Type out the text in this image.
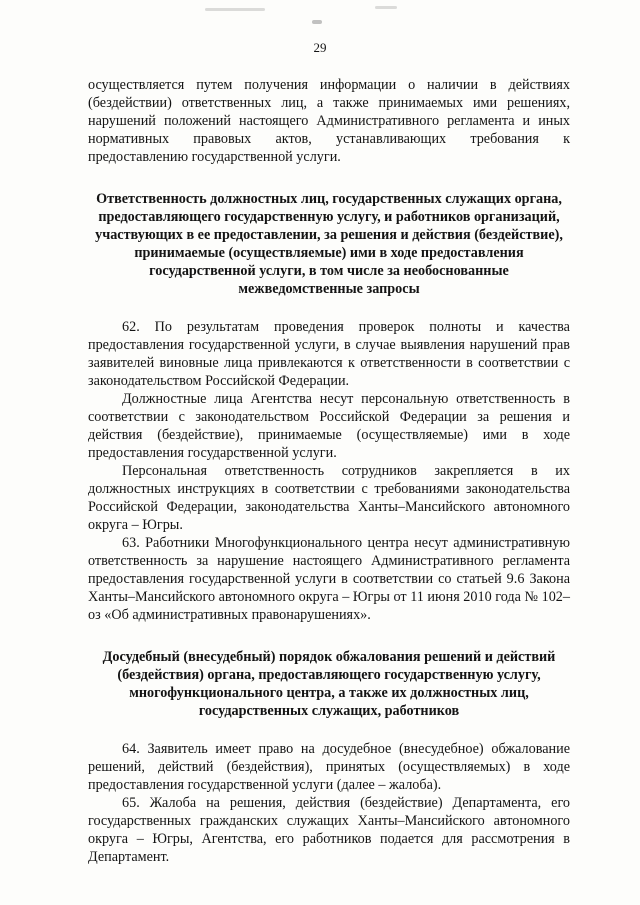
29

осуществляется путем получения информации о наличии в действиях (бездействии) ответственных лиц, а также принимаемых ими решениях, нарушений положений настоящего Административного регламента и иных нормативных правовых актов, устанавливающих требования к предоставлению государственной услуги.

Ответственность должностных лиц, государственных служащих органа, предоставляющего государственную услугу, и работников организаций, участвующих в ее предоставлении, за решения и действия (бездействие), принимаемые (осуществляемые) ими в ходе предоставления государственной услуги, в том числе за необоснованные межведомственные запросы

62. По результатам проведения проверок полноты и качества предоставления государственной услуги, в случае выявления нарушений прав заявителей виновные лица привлекаются к ответственности в соответствии с законодательством Российской Федерации.

Должностные лица Агентства несут персональную ответственность в соответствии с законодательством Российской Федерации за решения и действия (бездействие), принимаемые (осуществляемые) ими в ходе предоставления государственной услуги.

Персональная ответственность сотрудников закрепляется в их должностных инструкциях в соответствии с требованиями законодательства Российской Федерации, законодательства Ханты–Мансийского автономного округа – Югры.

63. Работники Многофункционального центра несут административную ответственность за нарушение настоящего Административного регламента предоставления государственной услуги в соответствии со статьей 9.6 Закона Ханты–Мансийского автономного округа – Югры от 11 июня 2010 года № 102–оз «Об административных правонарушениях».

Досудебный (внесудебный) порядок обжалования решений и действий (бездействия) органа, предоставляющего государственную услугу, многофункционального центра, а также их должностных лиц, государственных служащих, работников

64. Заявитель имеет право на досудебное (внесудебное) обжалование решений, действий (бездействия), принятых (осуществляемых) в ходе предоставления государственной услуги (далее – жалоба).

65. Жалоба на решения, действия (бездействие) Департамента, его государственных гражданских служащих Ханты–Мансийского автономного округа – Югры, Агентства, его работников подается для рассмотрения в Департамент.
